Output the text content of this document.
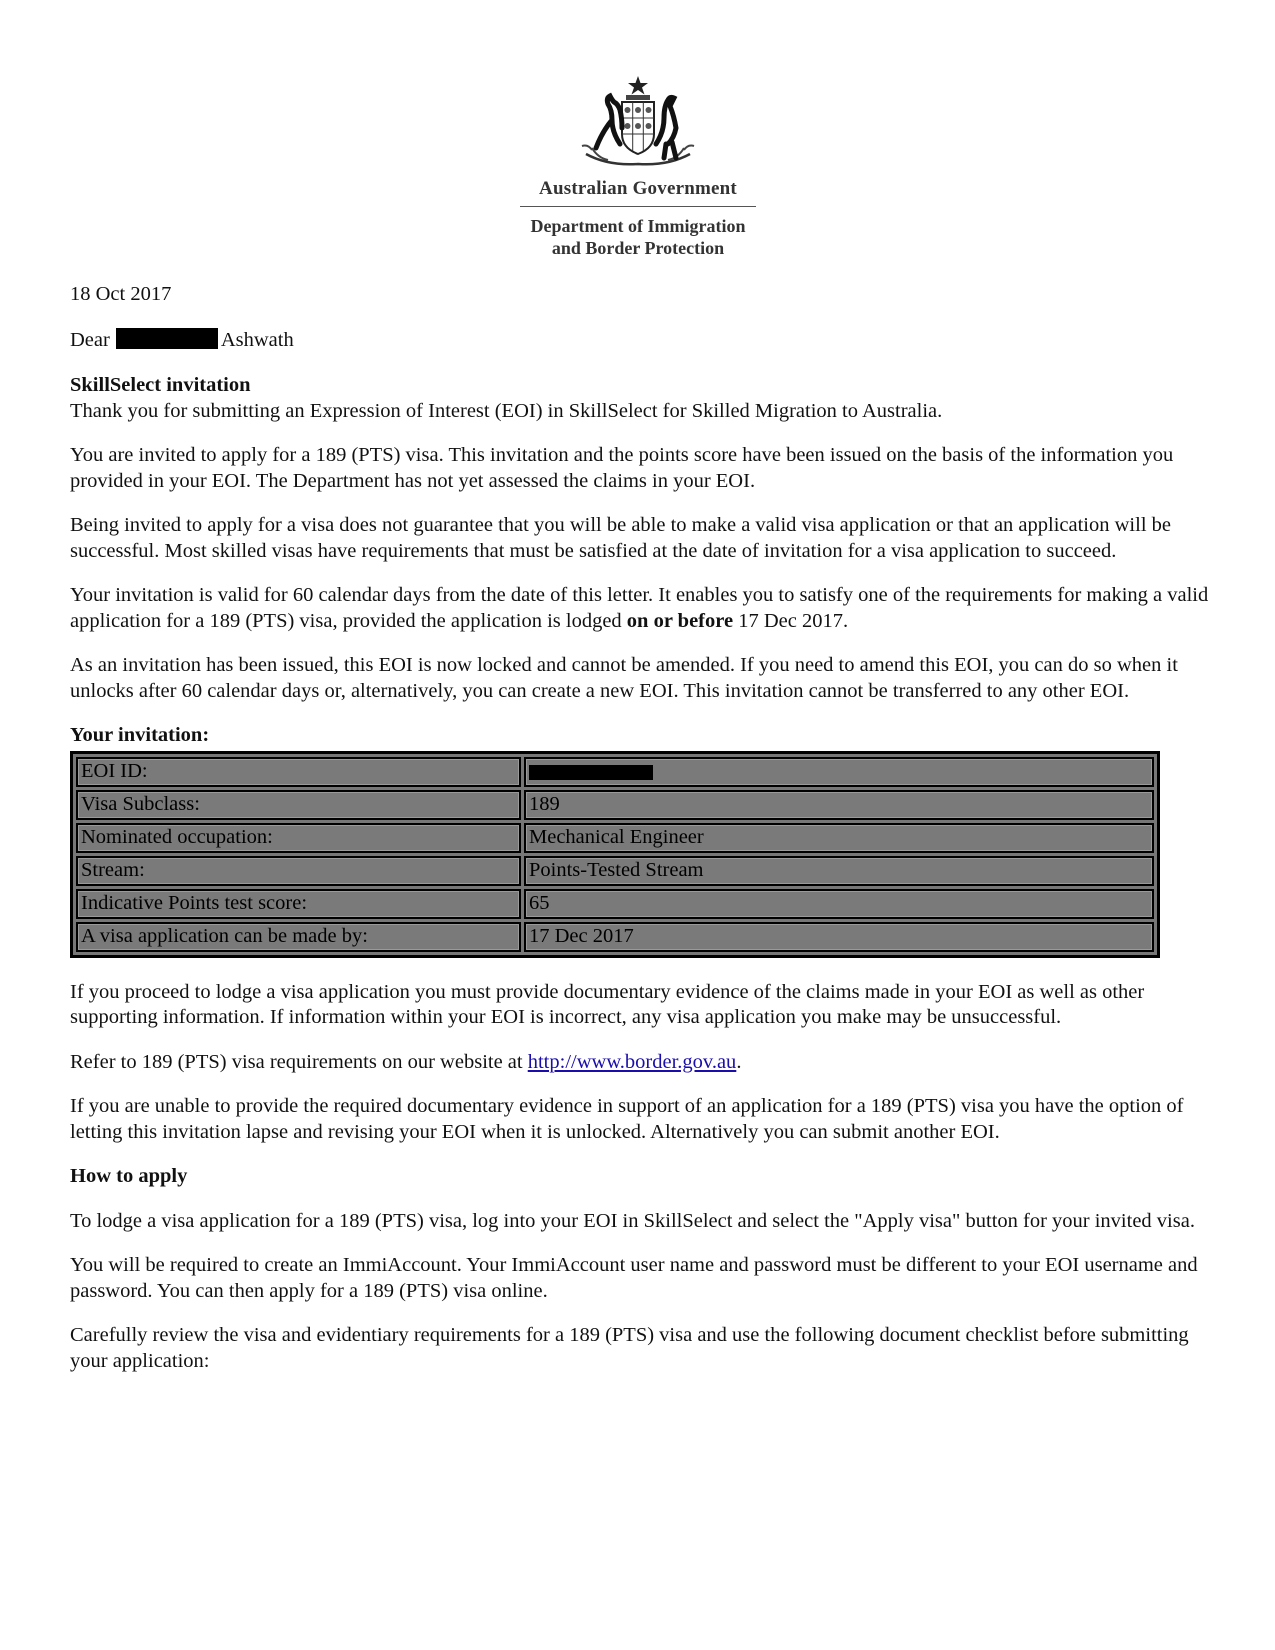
Australian Government
Department of Immigration
and Border Protection

18 Oct 2017

Dear	Ashwath

SkillSelect invitation

Thank you for submitting an Expression of Interest (EOI) in SkillSelect for Skilled Migration to Australia.

You are invited to apply for a 189 (PTS) visa. This invitation and the points score have been issued on the basis of the information you provided in your EOI. The Department has not yet assessed the claims in your EOI.

Being invited to apply for a visa does not guarantee that you will be able to make a valid visa application or that an application will be successful. Most skilled visas have requirements that must be satisfied at the date of invitation for a visa application to succeed.

Your invitation is valid for 60 calendar days from the date of this letter. It enables you to satisfy one of the requirements for making a valid application for a 189 (PTS) visa, provided the application is lodged on or before 17 Dec 2017.

As an invitation has been issued, this EOI is now locked and cannot be amended. If you need to amend this EOI, you can do so when it unlocks after 60 calendar days or, alternatively, you can create a new EOI. This invitation cannot be transferred to any other EOI.

Your invitation:

EOI ID:	
Visa Subclass:	189
Nominated occupation:	Mechanical Engineer
Stream:	Points-Tested Stream
Indicative Points test score:	65
A visa application can be made by:	17 Dec 2017

If you proceed to lodge a visa application you must provide documentary evidence of the claims made in your EOI as well as other supporting information. If information within your EOI is incorrect, any visa application you make may be unsuccessful.

Refer to 189 (PTS) visa requirements on our website at http://www.border.gov.au.

If you are unable to provide the required documentary evidence in support of an application for a 189 (PTS) visa you have the option of letting this invitation lapse and revising your EOI when it is unlocked. Alternatively you can submit another EOI.

How to apply

To lodge a visa application for a 189 (PTS) visa, log into your EOI in SkillSelect and select the "Apply visa" button for your invited visa.

You will be required to create an ImmiAccount. Your ImmiAccount user name and password must be different to your EOI username and password. You can then apply for a 189 (PTS) visa online.

Carefully review the visa and evidentiary requirements for a 189 (PTS) visa and use the following document checklist before submitting your application:
